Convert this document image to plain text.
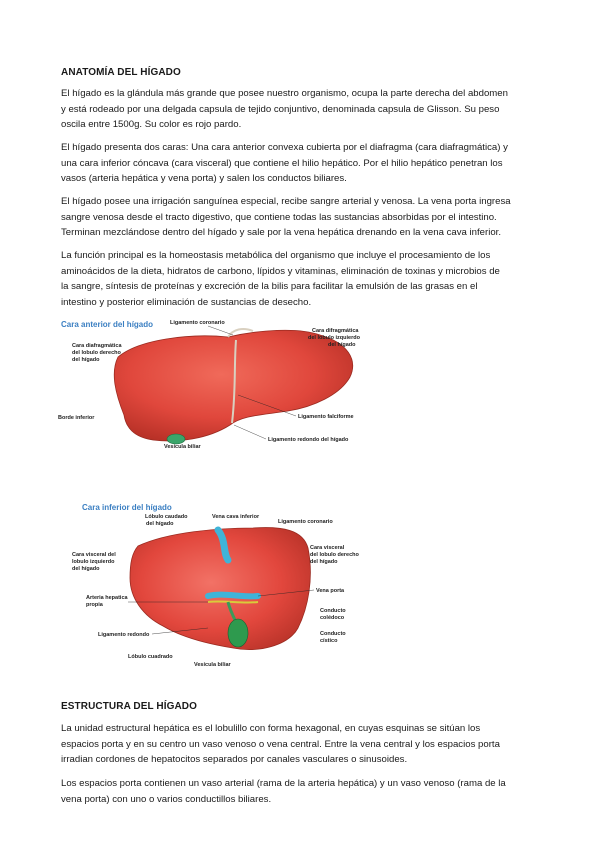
ANATOMÍA DEL HÍGADO
El hígado es la glándula más grande que posee nuestro organismo, ocupa la parte derecha del abdomen
y está rodeado por una delgada capsula de tejido conjuntivo, denominada capsula de Glisson. Su peso
oscila entre 1500g. Su color es rojo pardo.
El hígado presenta dos caras: Una cara anterior convexa cubierta por el diafragma (cara diafragmática) y
una cara inferior cóncava (cara visceral) que contiene el hilio hepático. Por el hilio hepático penetran los
vasos (arteria hepática y vena porta) y salen los conductos biliares.
El hígado posee una irrigación sanguínea especial, recibe sangre arterial y venosa. La vena porta ingresa
sangre venosa desde el tracto digestivo, que contiene todas las sustancias absorbidas por el intestino.
Terminan mezclándose dentro del hígado y sale por la vena hepática drenando en la vena cava inferior.
La función principal es la homeostasis metabólica del organismo que incluye el procesamiento de los
aminoácidos de la dieta, hidratos de carbono, lípidos y vitaminas, eliminación de toxinas y microbios de
la sangre, síntesis de proteínas y excreción de la bilis para facilitar la emulsión de las grasas en el
intestino y posterior eliminación de sustancias de desecho.
Cara anterior del hígado	Ligamento coronario
Cara diafragmática
del lobulo derecho
del hígado
Cara difragmática
del lobulo izquierdo
del hígado
Ligamento falciforme
Borde inferior
Ligamento redondo del hígado
Vesícula biliar
Cara inferior del hígado
Lóbulo caudado
del hígado
Vena cava inferior
Ligamento coronario
Cara visceral del
lobulo izquierdo
del hígado
Cara visceral
del lobulo derecho
del hígado
Vena porta
Arteria hepatica
propia
Conducto
colédoco
Ligamento redondo	Conducto
cístico
Lóbulo cuadrado
Vesícula biliar
ESTRUCTURA DEL HÍGADO
La unidad estructural hepática es el lobulillo con forma hexagonal, en cuyas esquinas se sitúan los
espacios porta y en su centro un vaso venoso o vena central. Entre la vena central y los espacios porta
irradian cordones de hepatocitos separados por canales vasculares o sinusoides.
Los espacios porta contienen un vaso arterial (rama de la arteria hepática) y un vaso venoso (rama de la
vena porta) con uno o varios conductillos biliares.
